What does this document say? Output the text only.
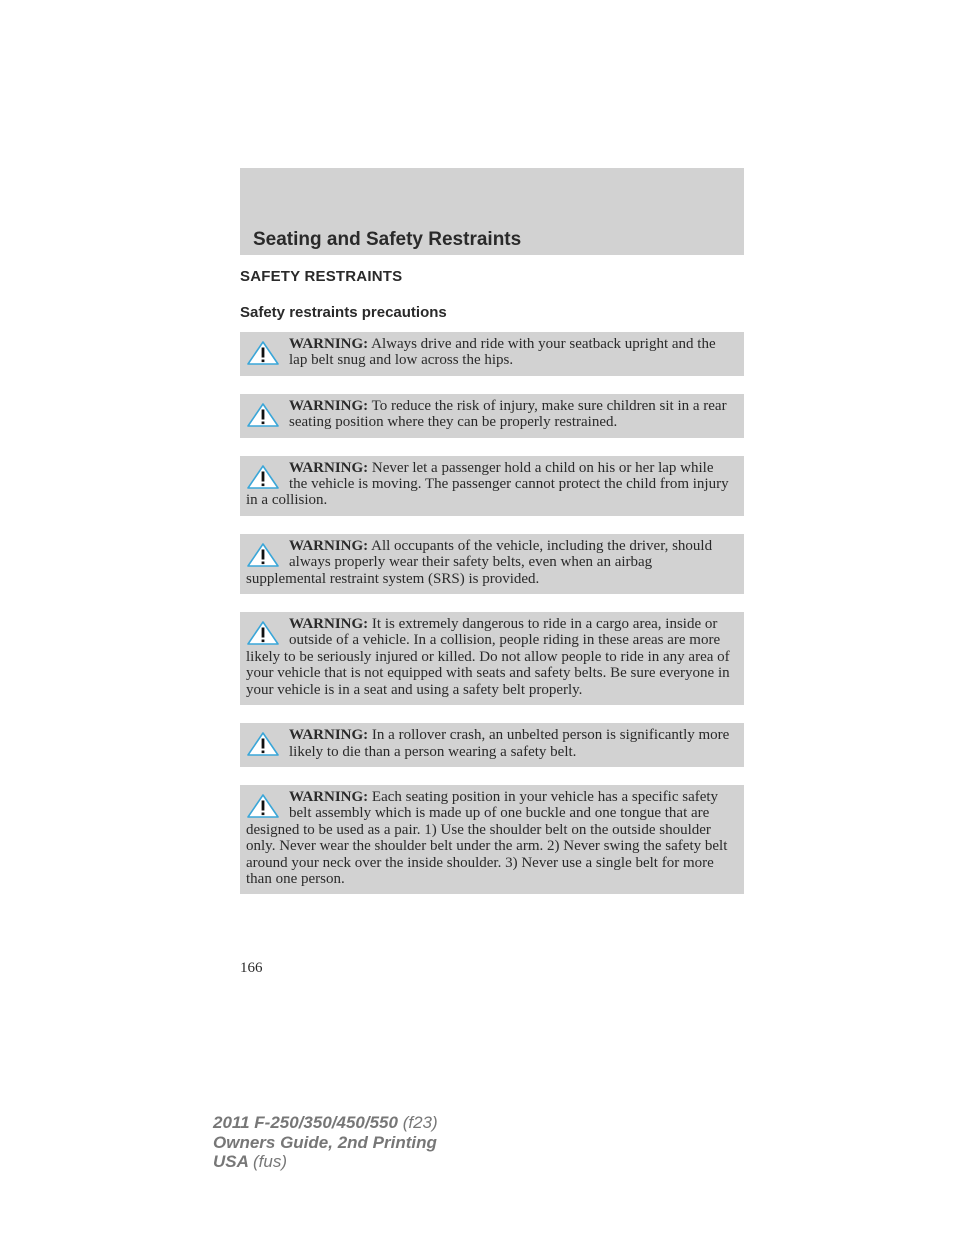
Seating and Safety Restraints
SAFETY RESTRAINTS
Safety restraints precautions
WARNING: Always drive and ride with your seatback upright and the lap belt snug and low across the hips.
WARNING: To reduce the risk of injury, make sure children sit in a rear seating position where they can be properly restrained.
WARNING: Never let a passenger hold a child on his or her lap while the vehicle is moving. The passenger cannot protect the child from injury in a collision.
WARNING: All occupants of the vehicle, including the driver, should always properly wear their safety belts, even when an airbag supplemental restraint system (SRS) is provided.
WARNING: It is extremely dangerous to ride in a cargo area, inside or outside of a vehicle. In a collision, people riding in these areas are more likely to be seriously injured or killed. Do not allow people to ride in any area of your vehicle that is not equipped with seats and safety belts. Be sure everyone in your vehicle is in a seat and using a safety belt properly.
WARNING: In a rollover crash, an unbelted person is significantly more likely to die than a person wearing a safety belt.
WARNING: Each seating position in your vehicle has a specific safety belt assembly which is made up of one buckle and one tongue that are designed to be used as a pair. 1) Use the shoulder belt on the outside shoulder only. Never wear the shoulder belt under the arm. 2) Never swing the safety belt around your neck over the inside shoulder. 3) Never use a single belt for more than one person.
166
2011 F-250/350/450/550 (f23)
Owners Guide, 2nd Printing
USA (fus)
